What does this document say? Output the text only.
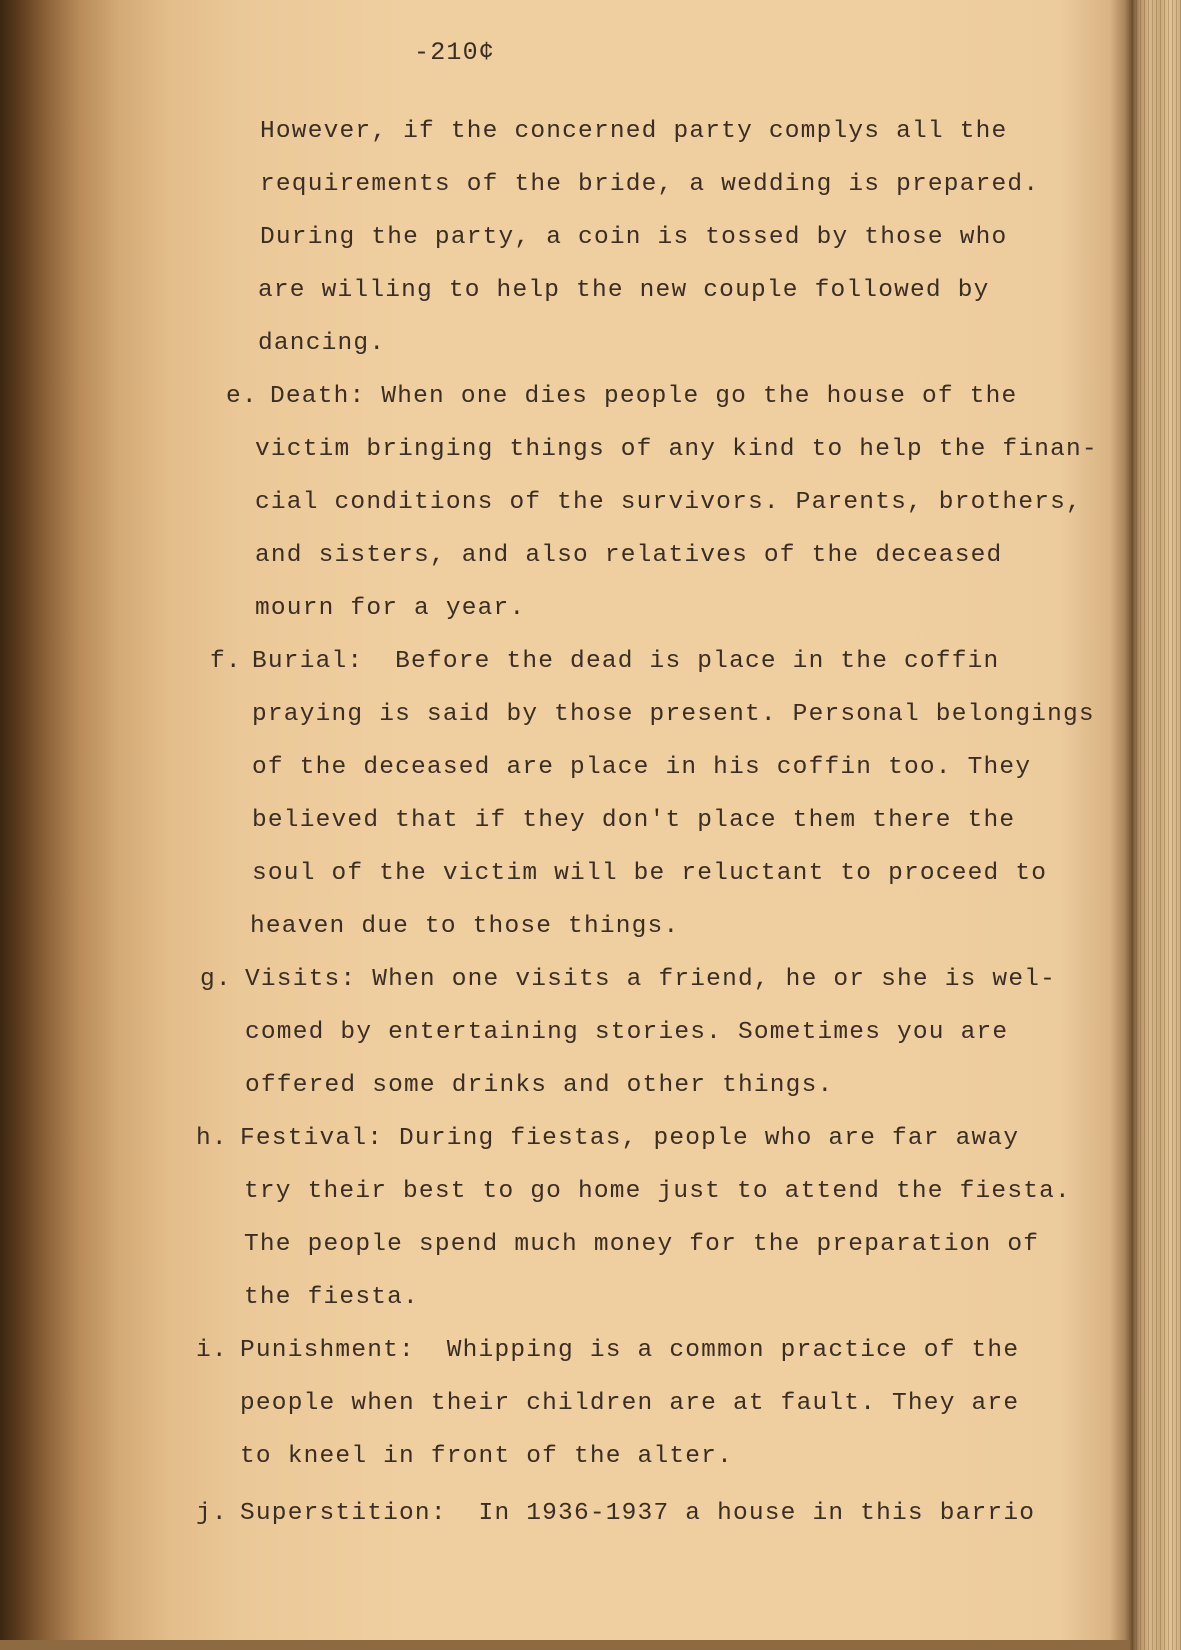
-210¢

However, if the concerned party complys all the

requirements of the bride, a wedding is prepared.

During the party, a coin is tossed by those who

are willing to help the new couple followed by

dancing.

e.

Death: When one dies people go the house of the

victim bringing things of any kind to help the finan-

cial conditions of the survivors. Parents, brothers,

and sisters, and also relatives of the deceased

mourn for a year.

f.

Burial:  Before the dead is place in the coffin

praying is said by those present. Personal belongings

of the deceased are place in his coffin too. They

believed that if they don't place them there the

soul of the victim will be reluctant to proceed to

heaven due to those things.

g.

Visits: When one visits a friend, he or she is wel-

comed by entertaining stories. Sometimes you are

offered some drinks and other things.

h.

Festival: During fiestas, people who are far away

try their best to go home just to attend the fiesta.

The people spend much money for the preparation of

the fiesta.

i.

Punishment:  Whipping is a common practice of the

people when their children are at fault. They are

to kneel in front of the alter.

j.

Superstition:  In 1936-1937 a house in this barrio
